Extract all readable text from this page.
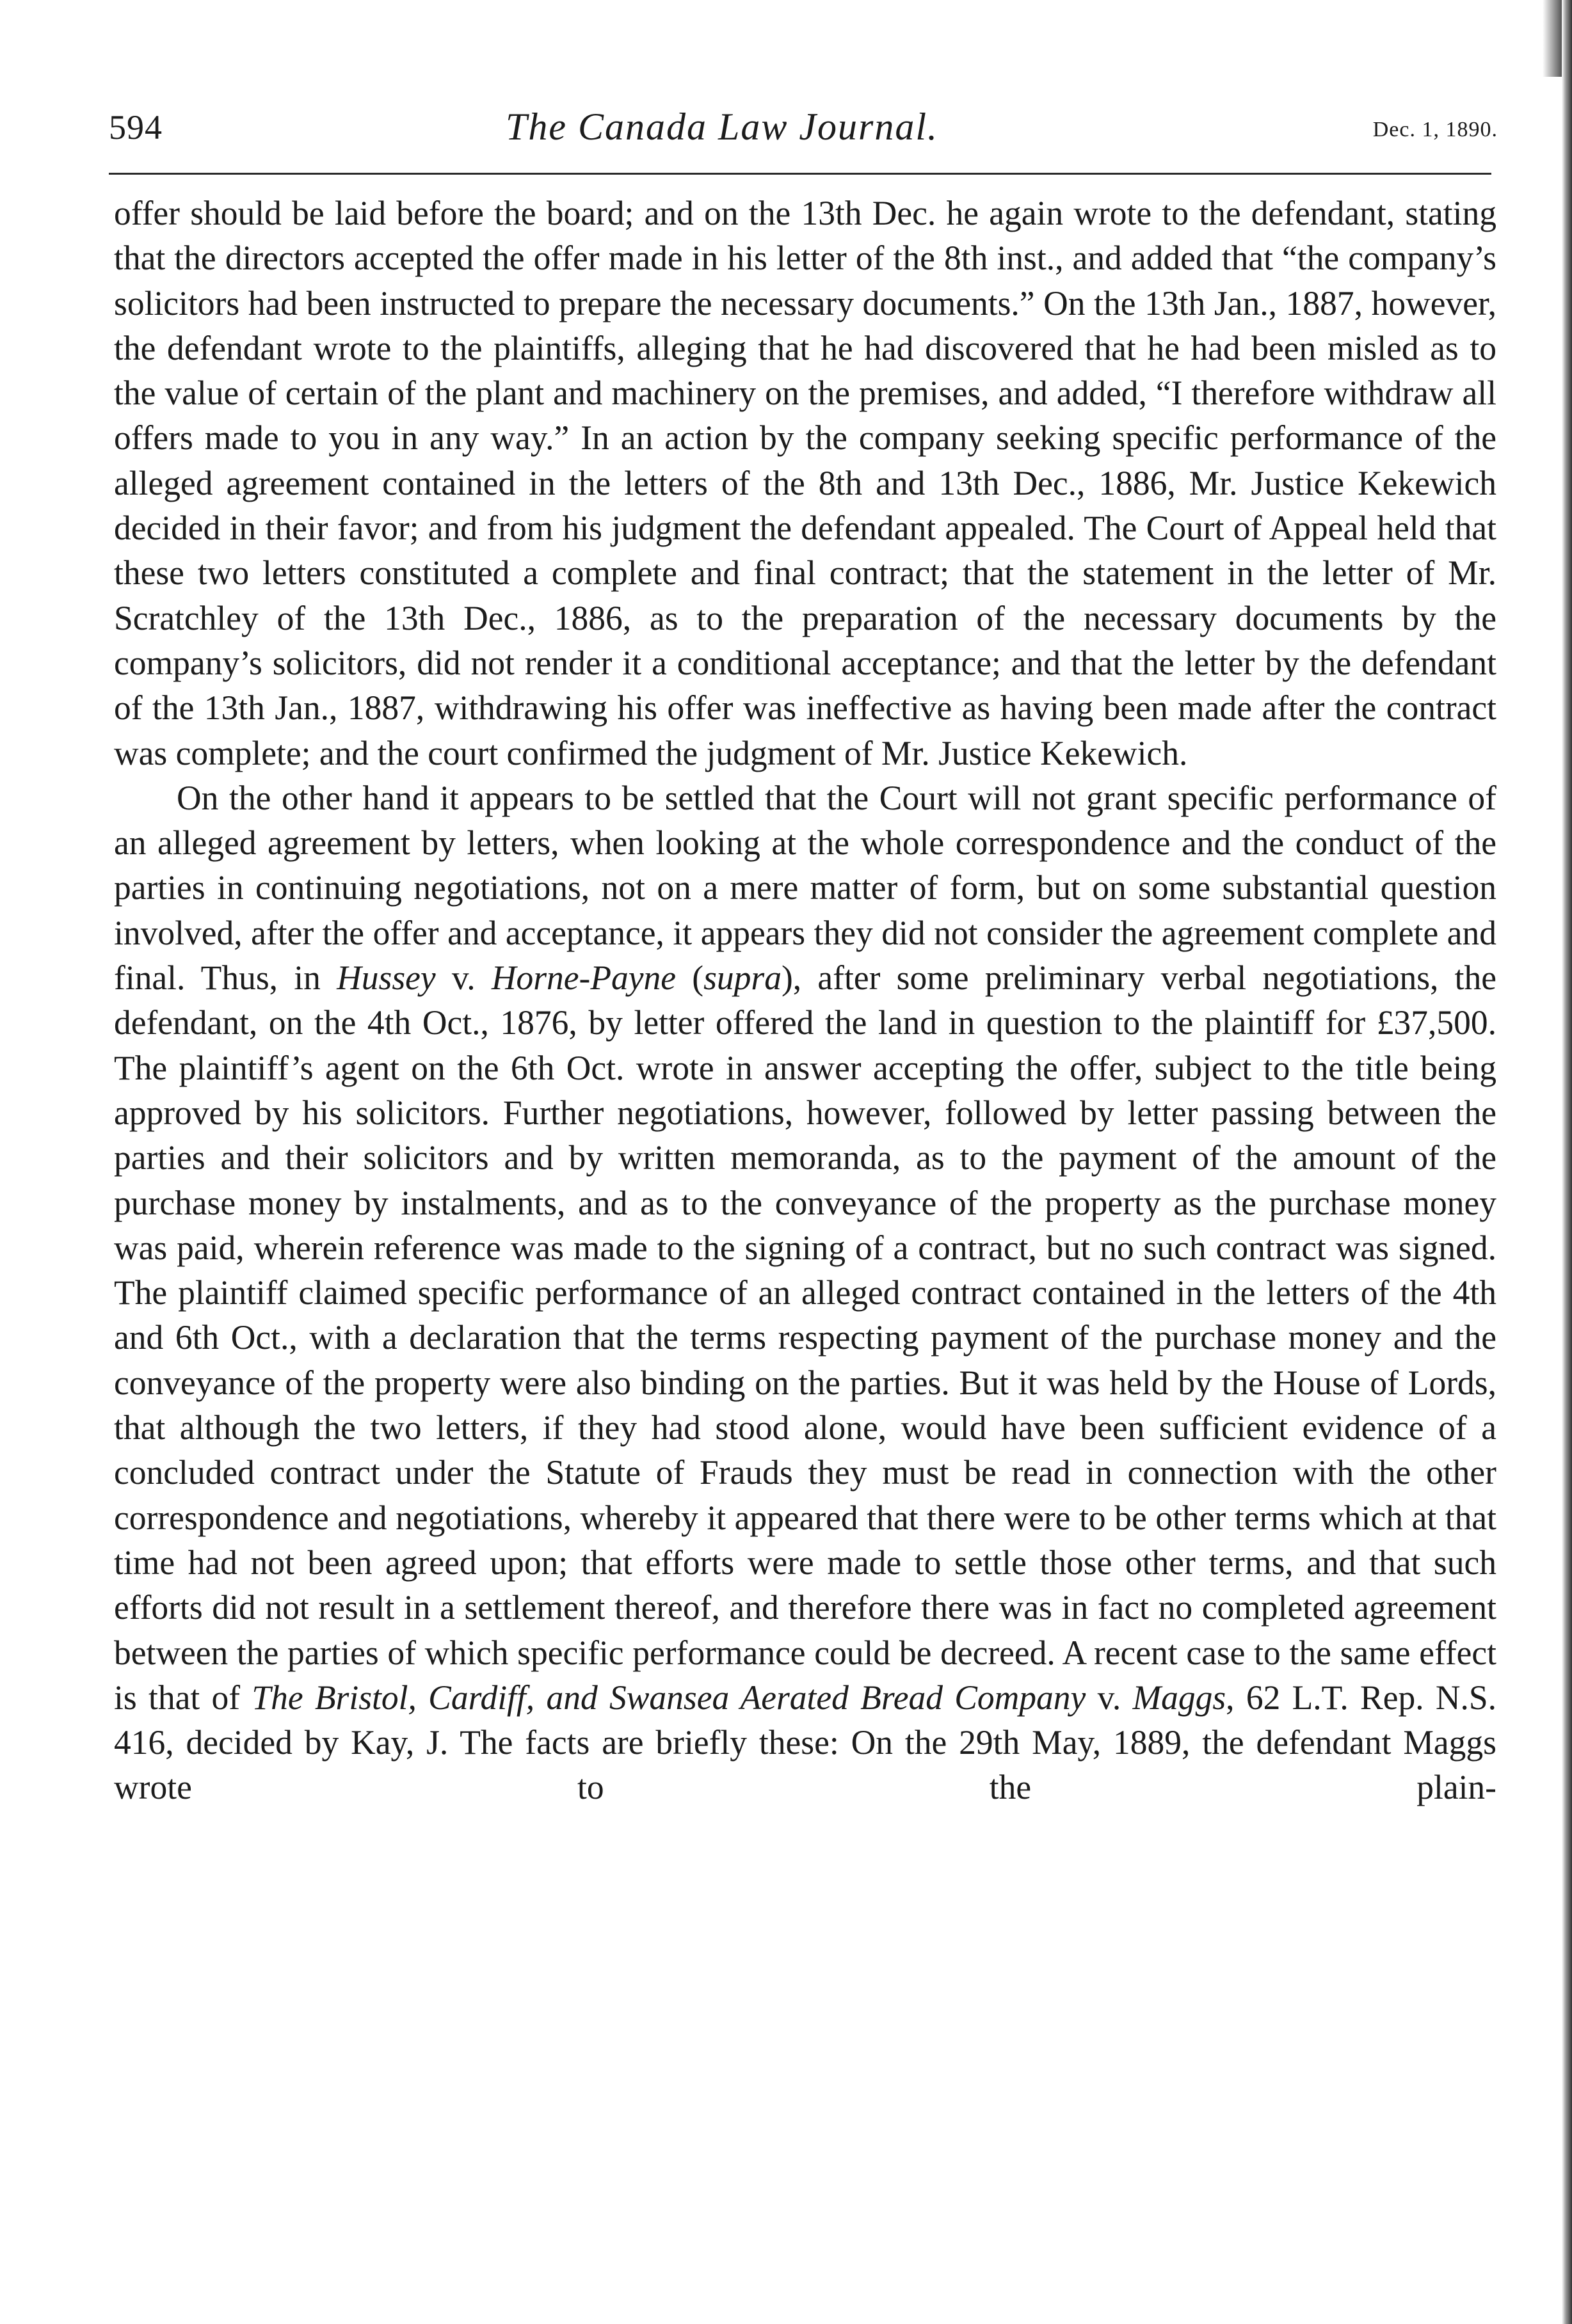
594	The Canada Law Journal.	Dec. 1, 1890.

offer should be laid before the board; and on the 13th Dec. he again wrote to the defendant, stating that the directors accepted the offer made in his letter of the 8th inst., and added that “the company’s solicitors had been instructed to prepare the necessary documents.” On the 13th Jan., 1887, however, the defendant wrote to the plaintiffs, alleging that he had discovered that he had been misled as to the value of certain of the plant and machinery on the premises, and added, “I therefore withdraw all offers made to you in any way.” In an action by the company seeking specific performance of the alleged agreement contained in the letters of the 8th and 13th Dec., 1886, Mr. Justice Kekewich decided in their favor; and from his judgment the defendant appealed. The Court of Appeal held that these two letters constituted a complete and final contract; that the statement in the letter of Mr. Scratchley of the 13th Dec., 1886, as to the preparation of the necessary documents by the company’s solicitors, did not render it a conditional acceptance; and that the letter by the defendant of the 13th Jan., 1887, withdrawing his offer was ineffective as having been made after the contract was complete; and the court confirmed the judgment of Mr. Justice Kekewich.

On the other hand it appears to be settled that the Court will not grant specific performance of an alleged agreement by letters, when looking at the whole correspondence and the conduct of the parties in continuing negotiations, not on a mere matter of form, but on some substantial question involved, after the offer and acceptance, it appears they did not consider the agreement complete and final. Thus, in Hussey v. Horne-Payne (supra), after some preliminary verbal negotiations, the defendant, on the 4th Oct., 1876, by letter offered the land in question to the plaintiff for £37,500. The plaintiff’s agent on the 6th Oct. wrote in answer accepting the offer, subject to the title being approved by his solicitors. Further negotiations, however, followed by letter passing between the parties and their solicitors and by written memoranda, as to the payment of the amount of the purchase money by instalments, and as to the conveyance of the property as the purchase money was paid, wherein reference was made to the signing of a contract, but no such contract was signed. The plaintiff claimed specific performance of an alleged contract contained in the letters of the 4th and 6th Oct., with a declaration that the terms respecting payment of the purchase money and the conveyance of the property were also binding on the parties. But it was held by the House of Lords, that although the two letters, if they had stood alone, would have been sufficient evidence of a concluded contract under the Statute of Frauds they must be read in connection with the other correspondence and negotiations, whereby it appeared that there were to be other terms which at that time had not been agreed upon; that efforts were made to settle those other terms, and that such efforts did not result in a settlement thereof, and therefore there was in fact no completed agreement between the parties of which specific performance could be decreed. A recent case to the same effect is that of The Bristol, Cardiff, and Swansea Aerated Bread Company v. Maggs, 62 L.T. Rep. N.S. 416, decided by Kay, J. The facts are briefly these: On the 29th May, 1889, the defendant Maggs wrote to the plain-
